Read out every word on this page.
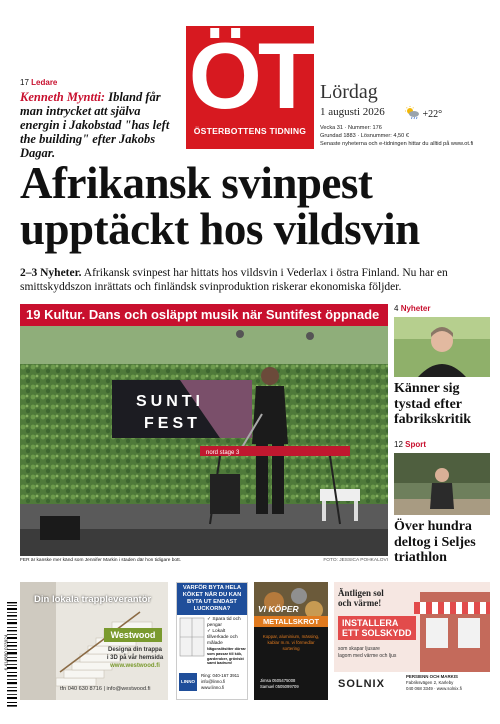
17 Ledare
Kenneth Myntti: Ibland får man intrycket att själva energin i Jakobstad "has left the building" efter Jakobs Dagar.
ÖT
ÖSTERBOTTENS TIDNING
Lördag
1 augusti 2026	+22°
Vecka 31 · Nummer: 176
Grundad 1883 · Lösnummer: 4,50 €
Senaste nyheterna och e-tidningen hittar du alltid på www.ot.fi
Afrikansk svinpest upptäckt hos vildsvin
2–3 Nyheter. Afrikansk svinpest har hittats hos vildsvin i Vederlax i östra Finland. Nu har en smittskyddszon inrättats och finländsk svinproduktion riskerar ekonomiska följder.
19 Kultur. Dans och osläppt musik när Suntifest öppnade
SUNTI
FEST
nord stage 3
FER är kanske mer känd som Jennifer Markin i staden där hon tidigare bott.	FOTO: JESSICA POHKALOVI
4 Nyheter
Känner sig tystad efter fabrikskritik
12 Sport
Över hundra deltog i Seljes triathlon
Din lokala trappleverantör
Westwood
Designa din trappa
i 3D på vår hemsida
www.westwood.fi
tfn 040 630 8716 | info@westwood.fi
VARFÖR BYTA HELA KÖKET NÄR DU KAN BYTA UT ENDAST LUCKORNA?
✓ Spara tid och pengar
✓ Lokalt tillverkade och målade
Någonslitsitter dörrar som passar till kök, garderober, gröviskt samt badrum!
LINNO
Ring: 040-167 3911
info@linno.fi
www.linno.fi
VI KÖPER
METALLSKROT
Koppar, aluminium, mässing, kablar m.m. vi förmedlar sortering
Jimsa 0505475008
Samuel 0505099709
Äntligen sol
och värme!
INSTALLERA
ETT SOLSKYDD
som skapar ljusare
lagom med värme och ljus
SOLNIX
PERSIENN OCH MARKIS
Fabriksvägen 2, Karleby
040 068 3349 · www.solnix.fi
6 414880 023924
